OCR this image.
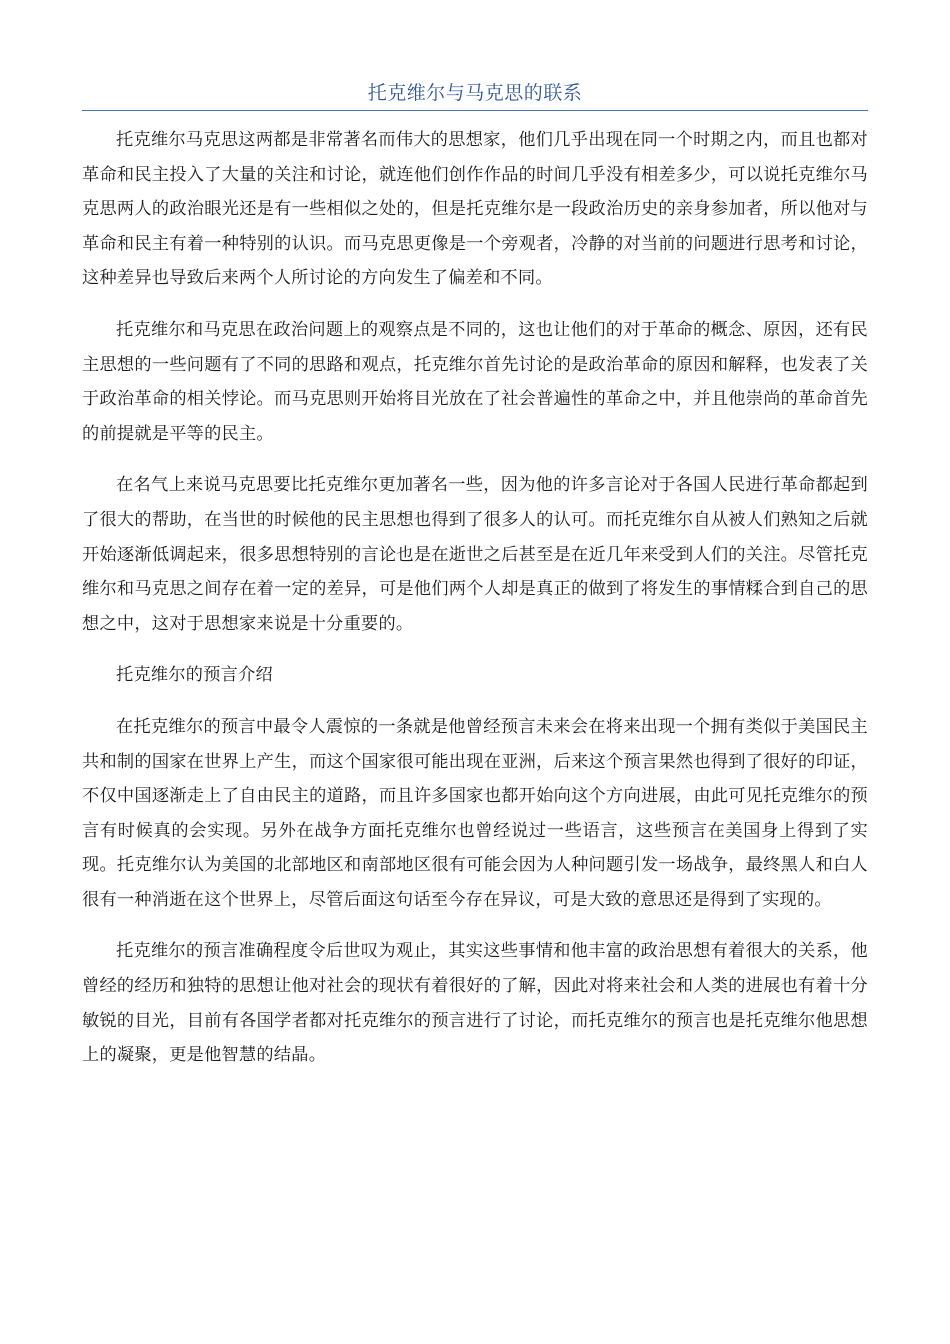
托克维尔与马克思的联系

托克维尔马克思这两都是非常著名而伟大的思想家，他们几乎出现在同一个时期之内，而且也都对革命和民主投入了大量的关注和讨论，就连他们创作作品的时间几乎没有相差多少，可以说托克维尔马克思两人的政治眼光还是有一些相似之处的，但是托克维尔是一段政治历史的亲身参加者，所以他对与革命和民主有着一种特别的认识。而马克思更像是一个旁观者，冷静的对当前的问题进行思考和讨论，这种差异也导致后来两个人所讨论的方向发生了偏差和不同。

托克维尔和马克思在政治问题上的观察点是不同的，这也让他们的对于革命的概念、原因，还有民主思想的一些问题有了不同的思路和观点，托克维尔首先讨论的是政治革命的原因和解释，也发表了关于政治革命的相关悖论。而马克思则开始将目光放在了社会普遍性的革命之中，并且他崇尚的革命首先的前提就是平等的民主。

在名气上来说马克思要比托克维尔更加著名一些，因为他的许多言论对于各国人民进行革命都起到了很大的帮助，在当世的时候他的民主思想也得到了很多人的认可。而托克维尔自从被人们熟知之后就开始逐渐低调起来，很多思想特别的言论也是在逝世之后甚至是在近几年来受到人们的关注。尽管托克维尔和马克思之间存在着一定的差异，可是他们两个人却是真正的做到了将发生的事情糅合到自己的思想之中，这对于思想家来说是十分重要的。

托克维尔的预言介绍

在托克维尔的预言中最令人震惊的一条就是他曾经预言未来会在将来出现一个拥有类似于美国民主共和制的国家在世界上产生，而这个国家很可能出现在亚洲，后来这个预言果然也得到了很好的印证，不仅中国逐渐走上了自由民主的道路，而且许多国家也都开始向这个方向进展，由此可见托克维尔的预言有时候真的会实现。另外在战争方面托克维尔也曾经说过一些语言，这些预言在美国身上得到了实现。托克维尔认为美国的北部地区和南部地区很有可能会因为人种问题引发一场战争，最终黑人和白人很有一种消逝在这个世界上，尽管后面这句话至今存在异议，可是大致的意思还是得到了实现的。

托克维尔的预言准确程度令后世叹为观止，其实这些事情和他丰富的政治思想有着很大的关系，他曾经的经历和独特的思想让他对社会的现状有着很好的了解，因此对将来社会和人类的进展也有着十分敏锐的目光，目前有各国学者都对托克维尔的预言进行了讨论，而托克维尔的预言也是托克维尔他思想上的凝聚，更是他智慧的结晶。
